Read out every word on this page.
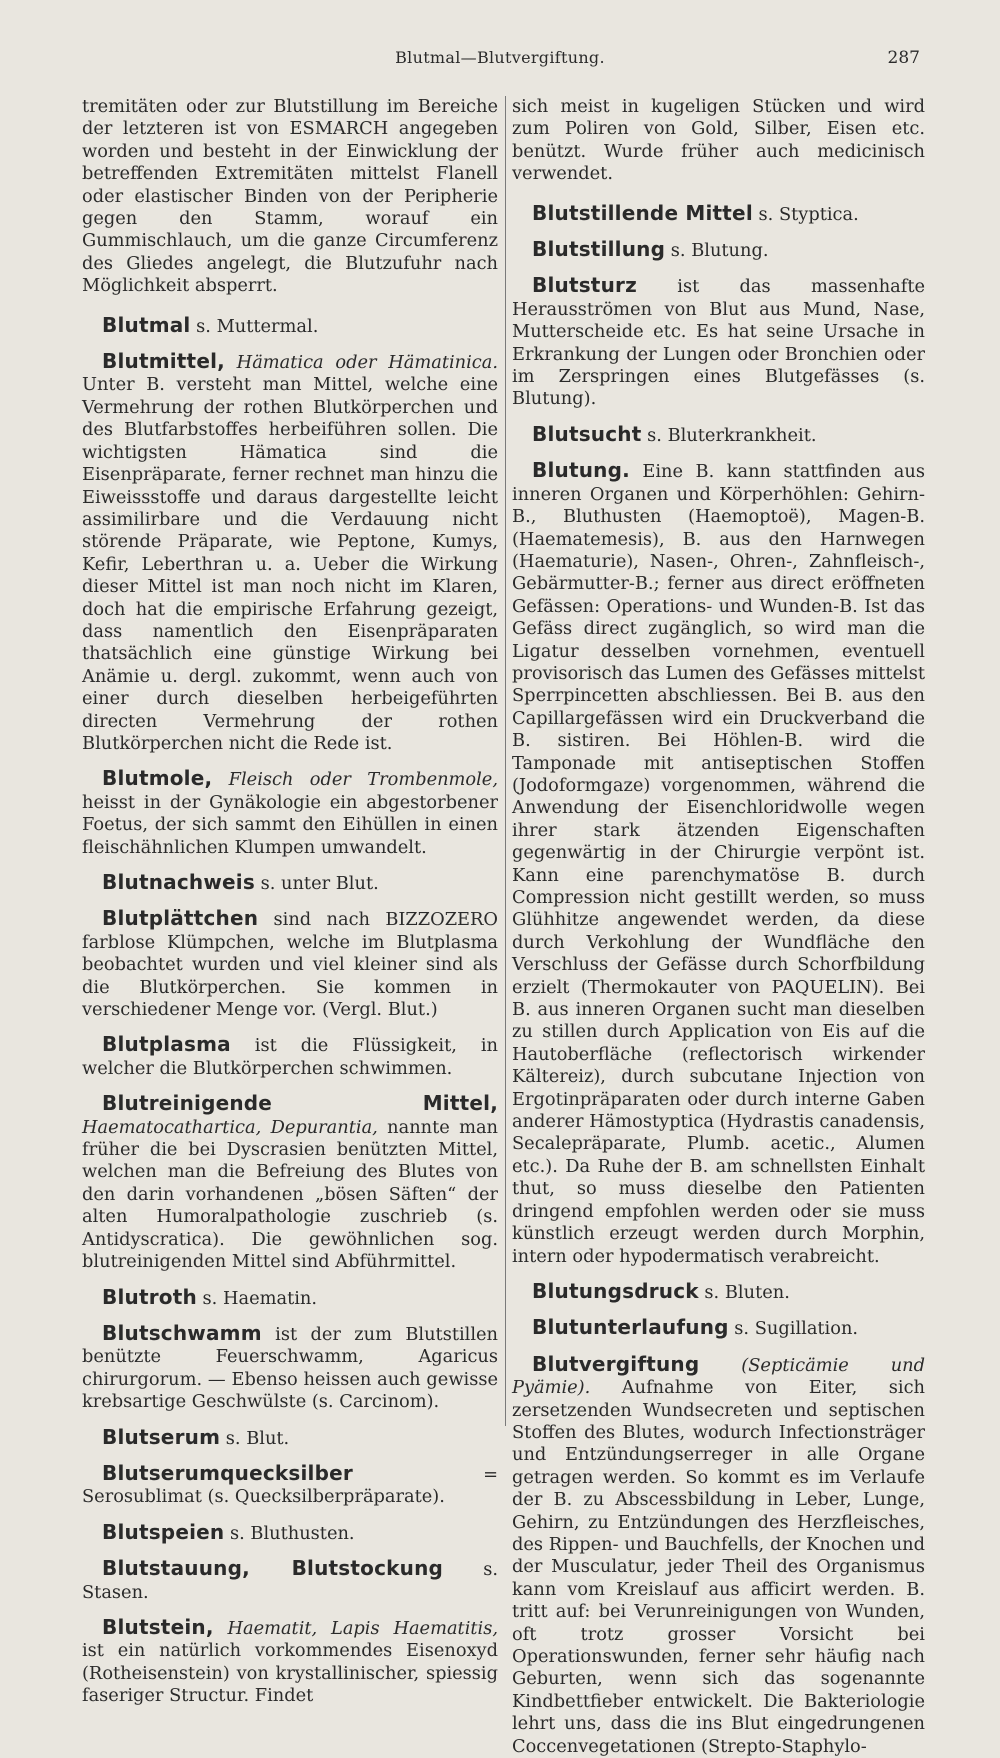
Blutmal—Blutvergiftung.	287
tremitäten oder zur Blutstillung im Bereiche der letzteren ist von ESMARCH angegeben worden und besteht in der Einwicklung der betreffenden Extremitäten mittelst Flanell oder elastischer Binden von der Peripherie gegen den Stamm, worauf ein Gummischlauch, um die ganze Circumferenz des Gliedes angelegt, die Blutzufuhr nach Möglichkeit absperrt.
Blutmal s. Muttermal.
Blutmittel, Hämatica oder Hämatinica. Unter B. versteht man Mittel, welche eine Vermehrung der rothen Blutkörperchen und des Blutfarbstoffes herbeiführen sollen. Die wichtigsten Hämatica sind die Eisenpräparate, ferner rechnet man hinzu die Eiweissstoffe und daraus dargestellte leicht assimilirbare und die Verdauung nicht störende Präparate, wie Peptone, Kumys, Kefir, Leberthran u. a. Ueber die Wirkung dieser Mittel ist man noch nicht im Klaren, doch hat die empirische Erfahrung gezeigt, dass namentlich den Eisenpräparaten thatsächlich eine günstige Wirkung bei Anämie u. dergl. zukommt, wenn auch von einer durch dieselben herbeigeführten directen Vermehrung der rothen Blutkörperchen nicht die Rede ist.
Blutmole, Fleisch oder Trombenmole, heisst in der Gynäkologie ein abgestorbener Foetus, der sich sammt den Eihüllen in einen fleischähnlichen Klumpen umwandelt.
Blutnachweis s. unter Blut.
Blutplättchen sind nach BIZZOZERO farblose Klümpchen, welche im Blutplasma beobachtet wurden und viel kleiner sind als die Blutkörperchen. Sie kommen in verschiedener Menge vor. (Vergl. Blut.)
Blutplasma ist die Flüssigkeit, in welcher die Blutkörperchen schwimmen.
Blutreinigende Mittel, Haematocathartica, Depurantia, nannte man früher die bei Dyscrasien benützten Mittel, welchen man die Befreiung des Blutes von den darin vorhandenen „bösen Säften“ der alten Humoralpathologie zuschrieb (s. Antidyscratica). Die gewöhnlichen sog. blutreinigenden Mittel sind Abführmittel.
Blutroth s. Haematin.
Blutschwamm ist der zum Blutstillen benützte Feuerschwamm, Agaricus chirurgorum. — Ebenso heissen auch gewisse krebsartige Geschwülste (s. Carcinom).
Blutserum s. Blut.
Blutserumquecksilber = Serosublimat (s. Quecksilberpräparate).
Blutspeien s. Bluthusten.
Blutstauung, Blutstockung s. Stasen.
Blutstein, Haematit, Lapis Haematitis, ist ein natürlich vorkommendes Eisenoxyd (Rotheisenstein) von krystallinischer, spiessig faseriger Structur. Findet
sich meist in kugeligen Stücken und wird zum Poliren von Gold, Silber, Eisen etc. benützt. Wurde früher auch medicinisch verwendet.
Blutstillende Mittel s. Styptica.
Blutstillung s. Blutung.
Blutsturz ist das massenhafte Herausströmen von Blut aus Mund, Nase, Mutterscheide etc. Es hat seine Ursache in Erkrankung der Lungen oder Bronchien oder im Zerspringen eines Blutgefässes (s. Blutung).
Blutsucht s. Bluterkrankheit.
Blutung. Eine B. kann stattfinden aus inneren Organen und Körperhöhlen: Gehirn-B., Bluthusten (Haemoptoë), Magen-B. (Haematemesis), B. aus den Harnwegen (Haematurie), Nasen-, Ohren-, Zahnfleisch-, Gebärmutter-B.; ferner aus direct eröffneten Gefässen: Operations- und Wunden-B. Ist das Gefäss direct zugänglich, so wird man die Ligatur desselben vornehmen, eventuell provisorisch das Lumen des Gefässes mittelst Sperrpincetten abschliessen. Bei B. aus den Capillargefässen wird ein Druckverband die B. sistiren. Bei Höhlen-B. wird die Tamponade mit antiseptischen Stoffen (Jodoformgaze) vorgenommen, während die Anwendung der Eisenchloridwolle wegen ihrer stark ätzenden Eigenschaften gegenwärtig in der Chirurgie verpönt ist. Kann eine parenchymatöse B. durch Compression nicht gestillt werden, so muss Glühhitze angewendet werden, da diese durch Verkohlung der Wundfläche den Verschluss der Gefässe durch Schorfbildung erzielt (Thermokauter von PAQUELIN). Bei B. aus inneren Organen sucht man dieselben zu stillen durch Application von Eis auf die Hautoberfläche (reflectorisch wirkender Kältereiz), durch subcutane Injection von Ergotinpräparaten oder durch interne Gaben anderer Hämostyptica (Hydrastis canadensis, Secalepräparate, Plumb. acetic., Alumen etc.). Da Ruhe der B. am schnellsten Einhalt thut, so muss dieselbe den Patienten dringend empfohlen werden oder sie muss künstlich erzeugt werden durch Morphin, intern oder hypodermatisch verabreicht.
Blutungsdruck s. Bluten.
Blutunterlaufung s. Sugillation.
Blutvergiftung (Septicämie und Pyämie). Aufnahme von Eiter, sich zersetzenden Wundsecreten und septischen Stoffen des Blutes, wodurch Infectionsträger und Entzündungserreger in alle Organe getragen werden. So kommt es im Verlaufe der B. zu Abscessbildung in Leber, Lunge, Gehirn, zu Entzündungen des Herzfleisches, des Rippen- und Bauchfells, der Knochen und der Musculatur, jeder Theil des Organismus kann vom Kreislauf aus afficirt werden. B. tritt auf: bei Verunreinigungen von Wunden, oft trotz grosser Vorsicht bei Operationswunden, ferner sehr häufig nach Geburten, wenn sich das sogenannte Kindbettfieber entwickelt. Die Bakteriologie lehrt uns, dass die ins Blut eingedrungenen Coccenvegetationen (Strepto-Staphylo-
